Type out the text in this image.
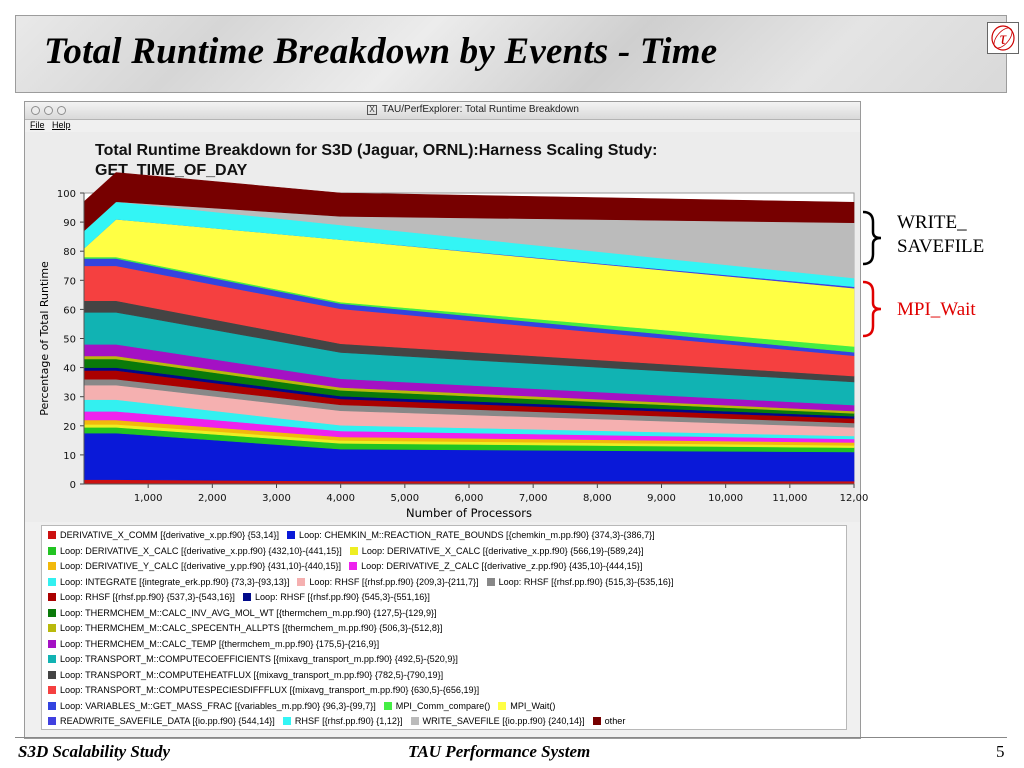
Total Runtime Breakdown by Events - Time	τ
X TAU/PerfExplorer: Total Runtime Breakdown
File Help
Total Runtime Breakdown for S3D (Jaguar, ORNL):Harness Scaling Study:
GET_TIME_OF_DAY
0
10
20
30
40
50
60
70
80
90
100
1,000	2,000	3,000	4,000	5,000	6,000	7,000	8,000	9,000	10,000	11,000	12,00
Number of Processors
Percentage of Total Runtime
DERIVATIVE_X_COMM [{derivative_x.pp.f90} {53,14}] Loop: CHEMKIN_M::REACTION_RATE_BOUNDS [{chemkin_m.pp.f90} {374,3}-{386,7}]
Loop: DERIVATIVE_X_CALC [{derivative_x.pp.f90} {432,10}-{441,15}] Loop: DERIVATIVE_X_CALC [{derivative_x.pp.f90} {566,19}-{589,24}]
Loop: DERIVATIVE_Y_CALC [{derivative_y.pp.f90} {431,10}-{440,15}] Loop: DERIVATIVE_Z_CALC [{derivative_z.pp.f90} {435,10}-{444,15}]
Loop: INTEGRATE [{integrate_erk.pp.f90} {73,3}-{93,13}] Loop: RHSF [{rhsf.pp.f90} {209,3}-{211,7}] Loop: RHSF [{rhsf.pp.f90} {515,3}-{535,16}]
Loop: RHSF [{rhsf.pp.f90} {537,3}-{543,16}] Loop: RHSF [{rhsf.pp.f90} {545,3}-{551,16}]
Loop: THERMCHEM_M::CALC_INV_AVG_MOL_WT [{thermchem_m.pp.f90} {127,5}-{129,9}]
Loop: THERMCHEM_M::CALC_SPECENTH_ALLPTS [{thermchem_m.pp.f90} {506,3}-{512,8}]
Loop: THERMCHEM_M::CALC_TEMP [{thermchem_m.pp.f90} {175,5}-{216,9}]
Loop: TRANSPORT_M::COMPUTECOEFFICIENTS [{mixavg_transport_m.pp.f90} {492,5}-{520,9}]
Loop: TRANSPORT_M::COMPUTEHEATFLUX [{mixavg_transport_m.pp.f90} {782,5}-{790,19}]
Loop: TRANSPORT_M::COMPUTESPECIESDIFFFLUX [{mixavg_transport_m.pp.f90} {630,5}-{656,19}]
Loop: VARIABLES_M::GET_MASS_FRAC [{variables_m.pp.f90} {96,3}-{99,7}] MPI_Comm_compare() MPI_Wait()
READWRITE_SAVEFILE_DATA [{io.pp.f90} {544,14}] RHSF [{rhsf.pp.f90} {1,12}] WRITE_SAVEFILE [{io.pp.f90} {240,14}] other
WRITE_
SAVEFILE
MPI_Wait
S3D Scalability Study	TAU Performance System	5
